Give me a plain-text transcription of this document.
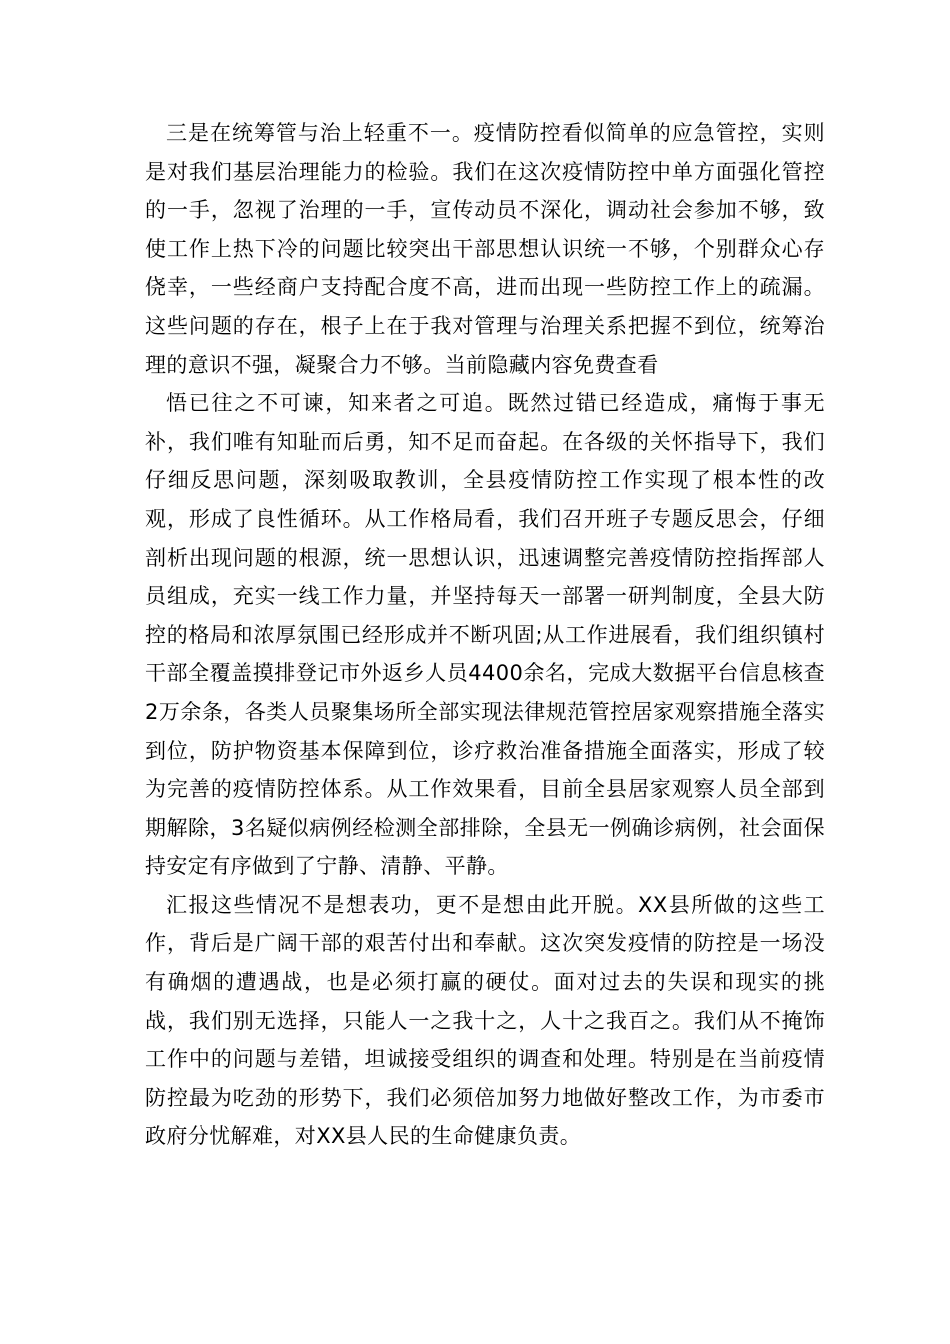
三是在统筹管与治上轻重不一。疫情防控看似简单的应急管控，实则是对我们基层治理能力的检验。我们在这次疫情防控中单方面强化管控的一手，忽视了治理的一手，宣传动员不深化，调动社会参加不够，致使工作上热下冷的问题比较突出干部思想认识统一不够，个别群众心存侥幸，一些经商户支持配合度不高，进而出现一些防控工作上的疏漏。这些问题的存在，根子上在于我对管理与治理关系把握不到位，统筹治理的意识不强，凝聚合力不够。当前隐藏内容免费查看

悟已往之不可谏，知来者之可追。既然过错已经造成，痛悔于事无补，我们唯有知耻而后勇，知不足而奋起。在各级的关怀指导下，我们仔细反思问题，深刻吸取教训，全县疫情防控工作实现了根本性的改观，形成了良性循环。从工作格局看，我们召开班子专题反思会，仔细剖析出现问题的根源，统一思想认识，迅速调整完善疫情防控指挥部人员组成，充实一线工作力量，并坚持每天一部署一研判制度，全县大防控的格局和浓厚氛围已经形成并不断巩固;从工作进展看，我们组织镇村干部全覆盖摸排登记市外返乡人员4400余名，完成大数据平台信息核查2万余条，各类人员聚集场所全部实现法律规范管控居家观察措施全落实到位，防护物资基本保障到位，诊疗救治准备措施全面落实，形成了较为完善的疫情防控体系。从工作效果看，目前全县居家观察人员全部到期解除，3名疑似病例经检测全部排除，全县无一例确诊病例，社会面保持安定有序做到了宁静、清静、平静。

汇报这些情况不是想表功，更不是想由此开脱。XX县所做的这些工作，背后是广阔干部的艰苦付出和奉献。这次突发疫情的防控是一场没有确烟的遭遇战，也是必须打赢的硬仗。面对过去的失误和现实的挑战，我们别无选择，只能人一之我十之，人十之我百之。我们从不掩饰工作中的问题与差错，坦诚接受组织的调查和处理。特别是在当前疫情防控最为吃劲的形势下，我们必须倍加努力地做好整改工作，为市委市政府分忧解难，对XX县人民的生命健康负责。
